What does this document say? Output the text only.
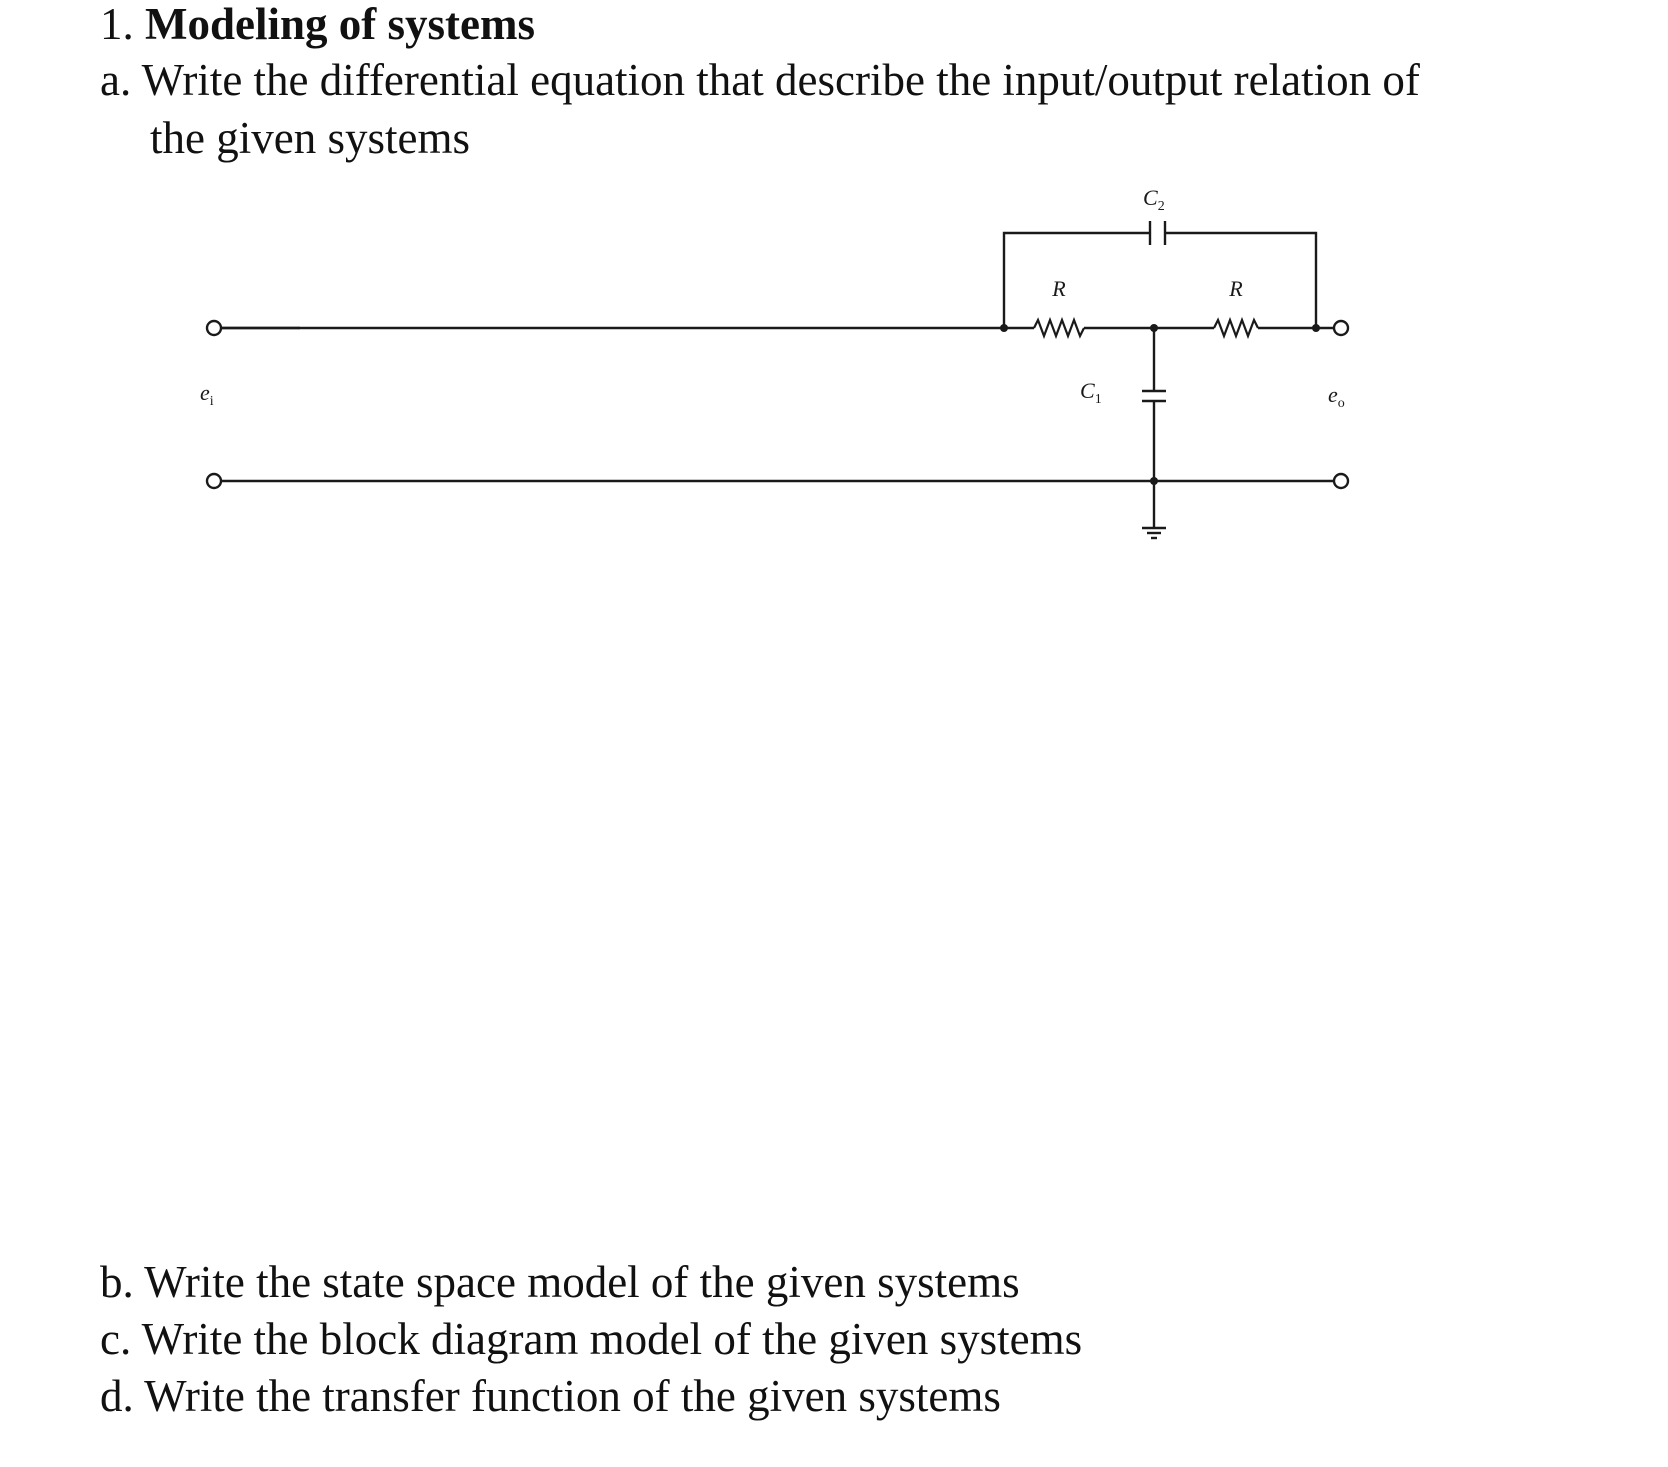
1. Modeling of systems
a. Write the differential equation that describe the input/output relation of
the given systems
$C_2$
R	R
$C_1$
$e_i$	$e_o$
b. Write the state space model of the given systems
c. Write the block diagram model of the given systems
d. Write the transfer function of the given systems
